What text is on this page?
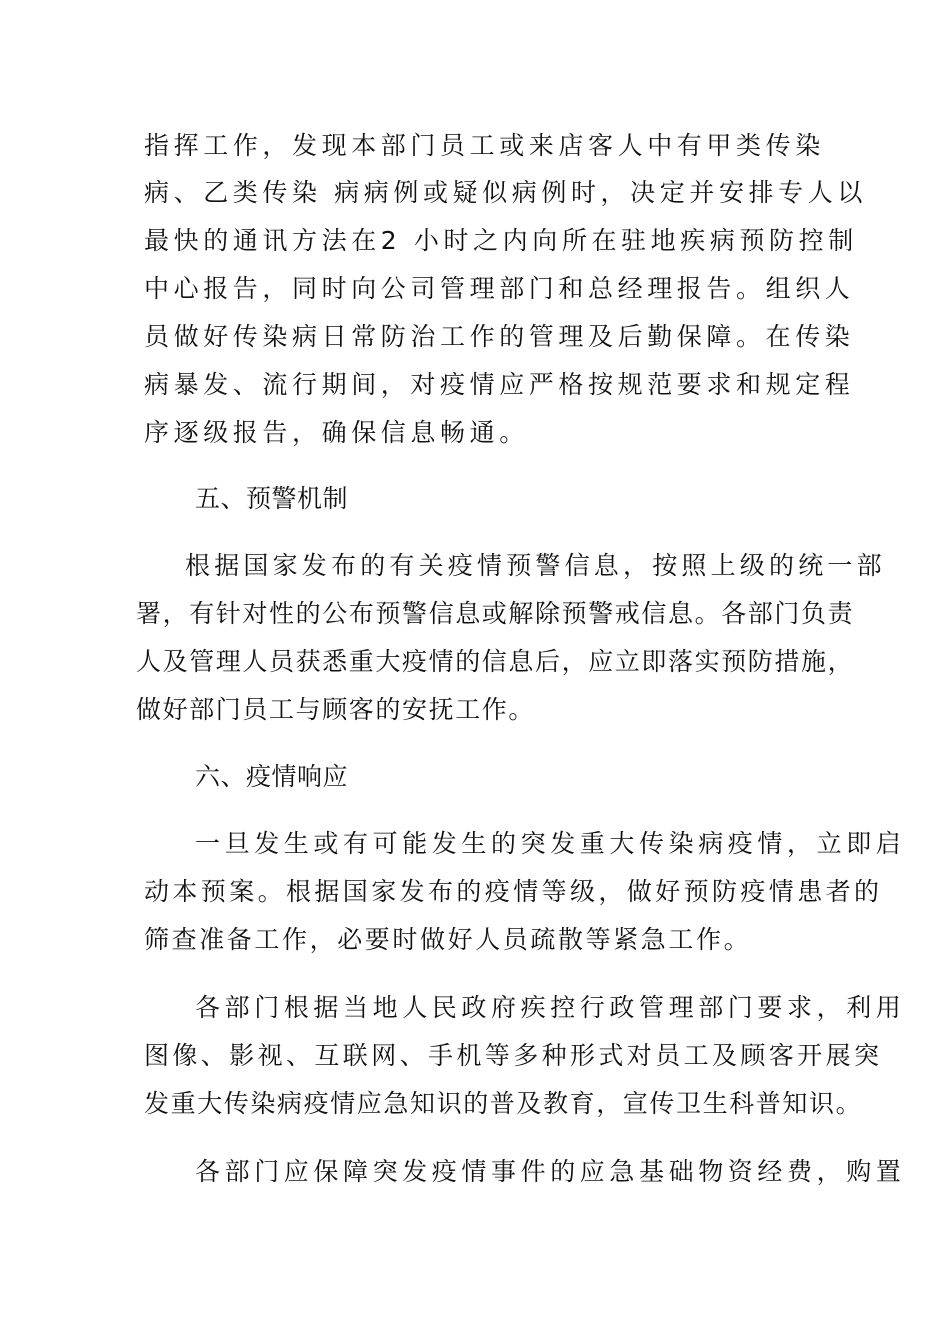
指挥工作，发现本部门员工或来店客人中有甲类传染
病、乙类传染 病病例或疑似病例时，决定并安排专人以
最快的通讯方法在2 小时之内向所在驻地疾病预防控制
中心报告，同时向公司管理部门和总经理报告。组织人
员做好传染病日常防治工作的管理及后勤保障。在传染
病暴发、流行期间，对疫情应严格按规范要求和规定程
序逐级报告，确保信息畅通。
五、预警机制
根据国家发布的有关疫情预警信息，按照上级的统一部
署，有针对性的公布预警信息或解除预警戒信息。各部门负责
人及管理人员获悉重大疫情的信息后，应立即落实预防措施，
做好部门员工与顾客的安抚工作。
六、疫情响应
一旦发生或有可能发生的突发重大传染病疫情，立即启
动本预案。根据国家发布的疫情等级，做好预防疫情患者的
筛查准备工作，必要时做好人员疏散等紧急工作。
各部门根据当地人民政府疾控行政管理部门要求，利用
图像、影视、互联网、手机等多种形式对员工及顾客开展突
发重大传染病疫情应急知识的普及教育，宣传卫生科普知识。
各部门应保障突发疫情事件的应急基础物资经费，购置
